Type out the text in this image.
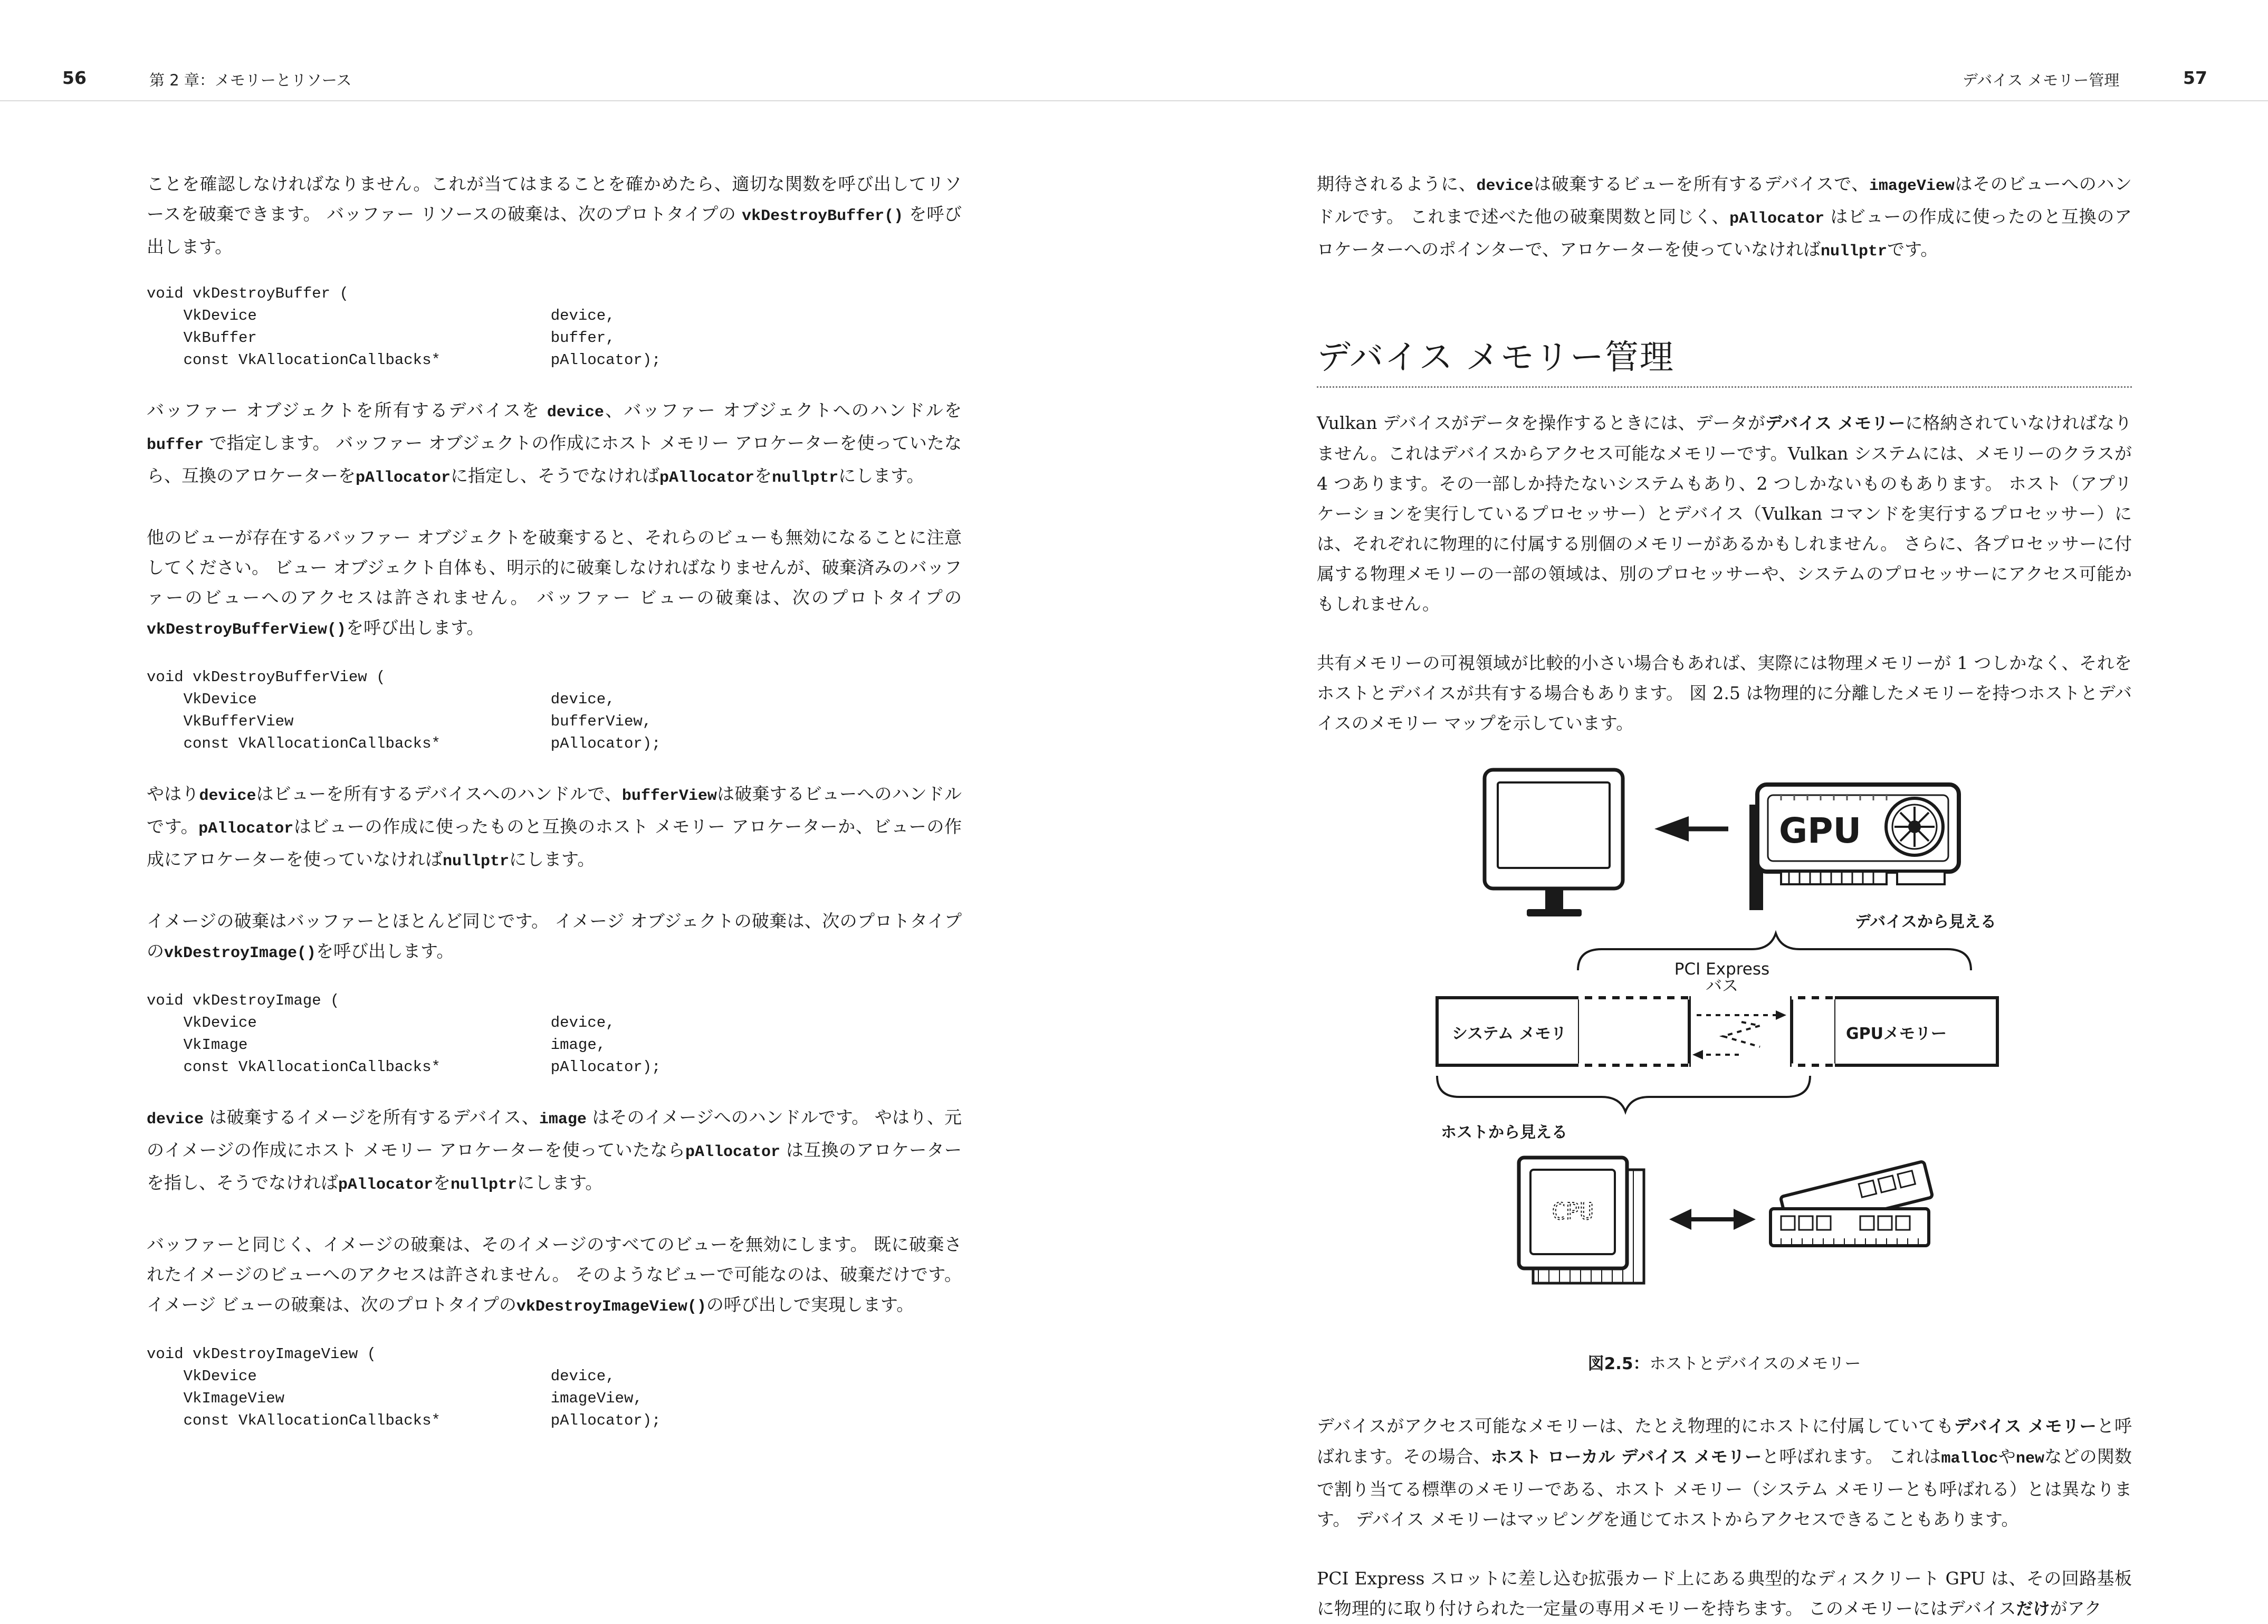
56	第 2 章：メモリーとリソース	デバイス メモリー管理	57

ことを確認しなければなりません。これが当てはまることを確かめたら、適切な関数を呼び出してリソースを破棄できます。 バッファー リソースの破棄は、次のプロトタイプの vkDestroyBuffer() を呼び出します。

void vkDestroyBuffer (
VkDevice                                device,
VkBuffer                                buffer,
const VkAllocationCallbacks*            pAllocator);

バッファー オブジェクトを所有するデバイスを device、バッファー オブジェクトへのハンドルを buffer で指定します。 バッファー オブジェクトの作成にホスト メモリー アロケーターを使っていたなら、互換のアロケーターをpAllocatorに指定し、そうでなければpAllocatorをnullptrにします。

他のビューが存在するバッファー オブジェクトを破棄すると、それらのビューも無効になることに注意してください。 ビュー オブジェクト自体も、明示的に破棄しなければなりませんが、破棄済みのバッファーのビューへのアクセスは許されません。 バッファー ビューの破棄は、次のプロトタイプのvkDestroyBufferView()を呼び出します。

void vkDestroyBufferView (
VkDevice                                device,
VkBufferView                            bufferView,
const VkAllocationCallbacks*            pAllocator);

やはりdeviceはビューを所有するデバイスへのハンドルで、bufferViewは破棄するビューへのハンドルです。pAllocatorはビューの作成に使ったものと互換のホスト メモリー アロケーターか、ビューの作成にアロケーターを使っていなければnullptrにします。

イメージの破棄はバッファーとほとんど同じです。 イメージ オブジェクトの破棄は、次のプロトタイプのvkDestroyImage()を呼び出します。

void vkDestroyImage (
VkDevice                                device,
VkImage                                 image,
const VkAllocationCallbacks*            pAllocator);

device は破棄するイメージを所有するデバイス、image はそのイメージへのハンドルです。 やはり、元のイメージの作成にホスト メモリー アロケーターを使っていたならpAllocator は互換のアロケーターを指し、そうでなければpAllocatorをnullptrにします。

バッファーと同じく、イメージの破棄は、そのイメージのすべてのビューを無効にします。 既に破棄されたイメージのビューへのアクセスは許されません。 そのようなビューで可能なのは、破棄だけです。イメージ ビューの破棄は、次のプロトタイプのvkDestroyImageView()の呼び出しで実現します。

void vkDestroyImageView (
VkDevice                                device,
VkImageView                             imageView,
const VkAllocationCallbacks*            pAllocator);

期待されるように、deviceは破棄するビューを所有するデバイスで、imageViewはそのビューへのハンドルです。 これまで述べた他の破棄関数と同じく、pAllocator はビューの作成に使ったのと互換のアロケーターへのポインターで、アロケーターを使っていなければnullptrです。

デバイス メモリー管理

Vulkan デバイスがデータを操作するときには、データがデバイス メモリーに格納されていなければなりません。これはデバイスからアクセス可能なメモリーです。Vulkan システムには、メモリーのクラスが 4 つあります。その一部しか持たないシステムもあり、2 つしかないものもあります。 ホスト（アプリケーションを実行しているプロセッサー）とデバイス（Vulkan コマンドを実行するプロセッサー）には、それぞれに物理的に付属する別個のメモリーがあるかもしれません。 さらに、各プロセッサーに付属する物理メモリーの一部の領域は、別のプロセッサーや、システムのプロセッサーにアクセス可能かもしれません。

共有メモリーの可視領域が比較的小さい場合もあれば、実際には物理メモリーが 1 つしかなく、それをホストとデバイスが共有する場合もあります。 図 2.5 は物理的に分離したメモリーを持つホストとデバイスのメモリー マップを示しています。

GPU
デバイスから見える
PCI Express
バス
システム メモリ	GPUメモリー
ホストから見える
CPU

図2.5：ホストとデバイスのメモリー

デバイスがアクセス可能なメモリーは、たとえ物理的にホストに付属していてもデバイス メモリーと呼ばれます。その場合、ホスト ローカル デバイス メモリーと呼ばれます。 これはmallocやnewなどの関数で割り当てる標準のメモリーである、ホスト メモリー（システム メモリーとも呼ばれる）とは異なります。 デバイス メモリーはマッピングを通じてホストからアクセスできることもあります。

PCI Express スロットに差し込む拡張カード上にある典型的なディスクリート GPU は、その回路基板に物理的に取り付けられた一定量の専用メモリーを持ちます。 このメモリーにはデバイスだけがアク
